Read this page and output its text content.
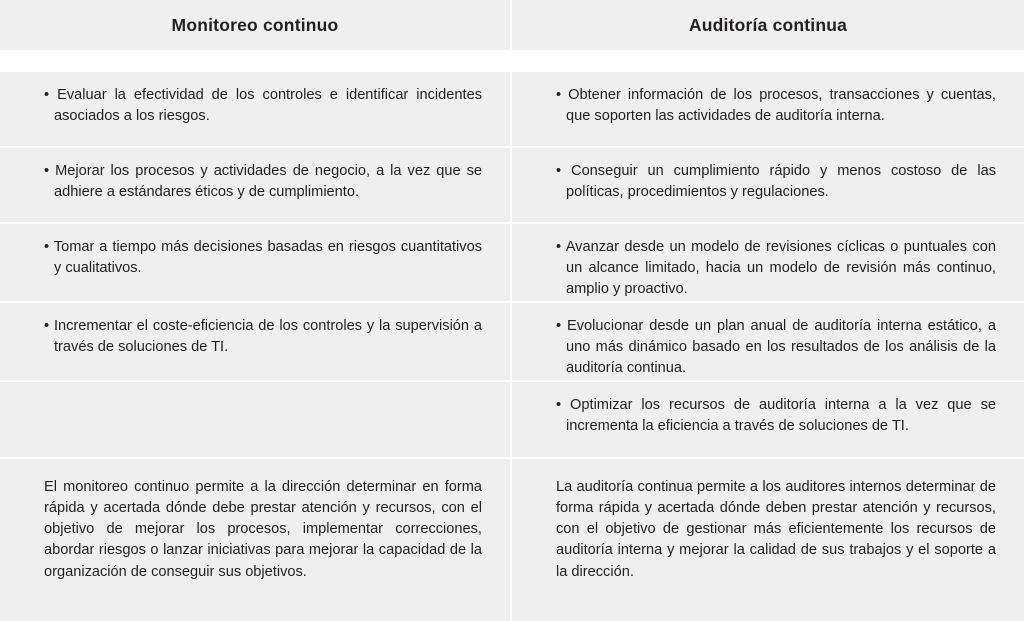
Monitoreo continuo	Auditoría continua
• Evaluar la efectividad de los controles e identificar incidentes asociados a los riesgos.
• Obtener información de los procesos, transacciones y cuentas, que soporten las actividades de auditoría interna.
• Mejorar los procesos y actividades de negocio, a la vez que se adhiere a estándares éticos y de cumplimiento.
• Conseguir un cumplimiento rápido y menos costoso de las políticas, procedimientos y regulaciones.
• Tomar a tiempo más decisiones basadas en riesgos cuantitativos y cualitativos.
• Avanzar desde un modelo de revisiones cíclicas o puntuales con un alcance limitado, hacia un modelo de revisión más continuo, amplio y proactivo.
• Incrementar el coste-eficiencia de los controles y la supervisión a través de soluciones de TI.
• Evolucionar desde un plan anual de auditoría interna estático, a uno más dinámico basado en los resultados de los análisis de la auditoría continua.
• Optimizar los recursos de auditoría interna a la vez que se incrementa la eficiencia a través de soluciones de TI.
El monitoreo continuo permite a la dirección determinar en forma rápida y acertada dónde debe prestar atención y recursos, con el objetivo de mejorar los procesos, implementar correcciones, abordar riesgos o lanzar iniciativas para mejorar la capacidad de la organización de conseguir sus objetivos.
La auditoría continua permite a los auditores internos determinar de forma rápida y acertada dónde deben prestar atención y recursos, con el objetivo de gestionar más eficientemente los recursos de auditoría interna y mejorar la calidad de sus trabajos y el soporte a la dirección.
